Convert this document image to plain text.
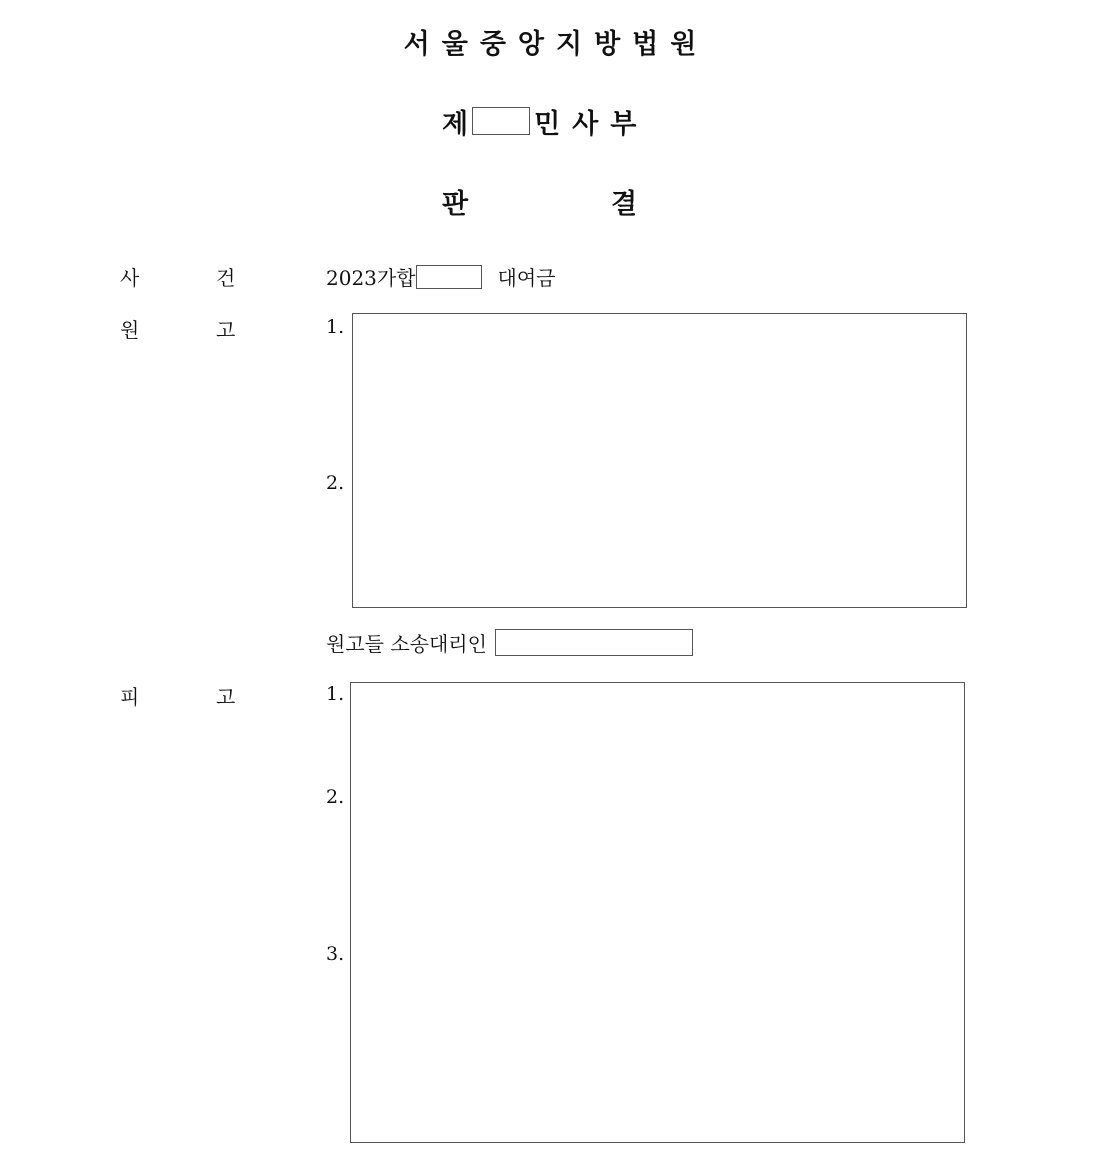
서울중앙지방법원
제 민사부
판	결
사	건	2023가합	대여금
원	고	1.
2.
원고들 소송대리인
피	고	1.
2.
3.
